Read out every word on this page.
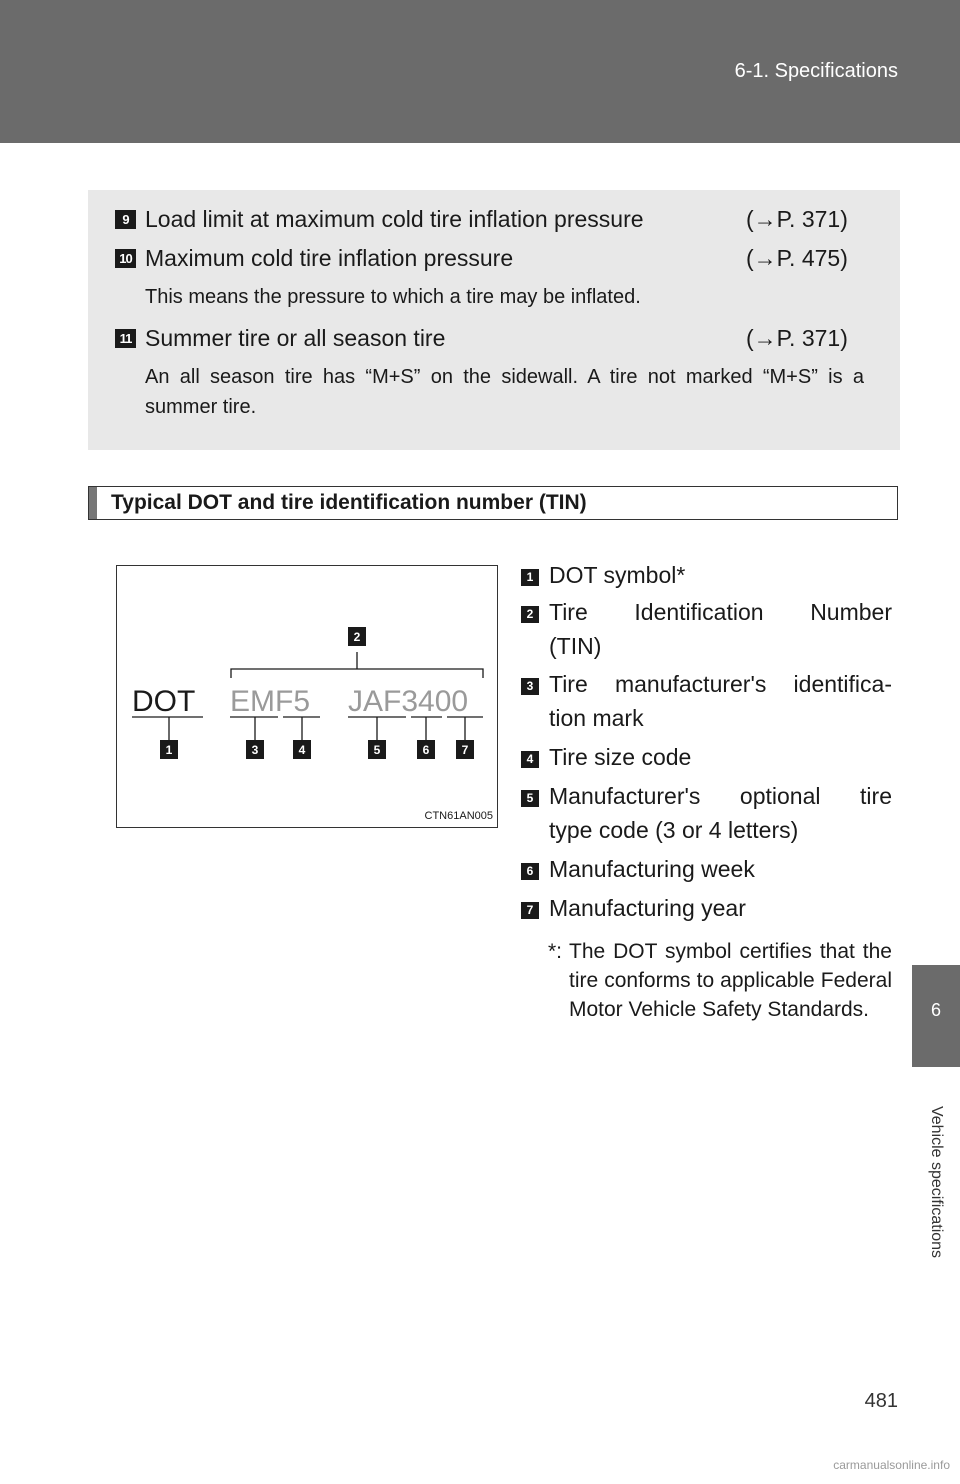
6-1. Specifications
9 Load limit at maximum cold tire inflation pressure	(→P. 371)
10 Maximum cold tire inflation pressure	(→P. 475)
This means the pressure to which a tire may be inflated.
11 Summer tire or all season tire	(→P. 371)
An all season tire has “M+S” on the sidewall. A tire not marked “M+S” is a summer tire.
Typical DOT and tire identification number (TIN)
DOT EMF5 JAF3400
2
1	3	4	5	6	7
CTN61AN005
1 DOT symbol*
2 Tire Identification Number
(TIN)
3 Tire manufacturer's identifica-
tion mark
4 Tire size code
5 Manufacturer's optional tire
type code (3 or 4 letters)
6 Manufacturing week
7 Manufacturing year
*: The DOT symbol certifies that the tire conforms to applicable Federal Motor Vehicle Safety Standards.	6
Vehicle specifications
481
carmanualsonline.info
